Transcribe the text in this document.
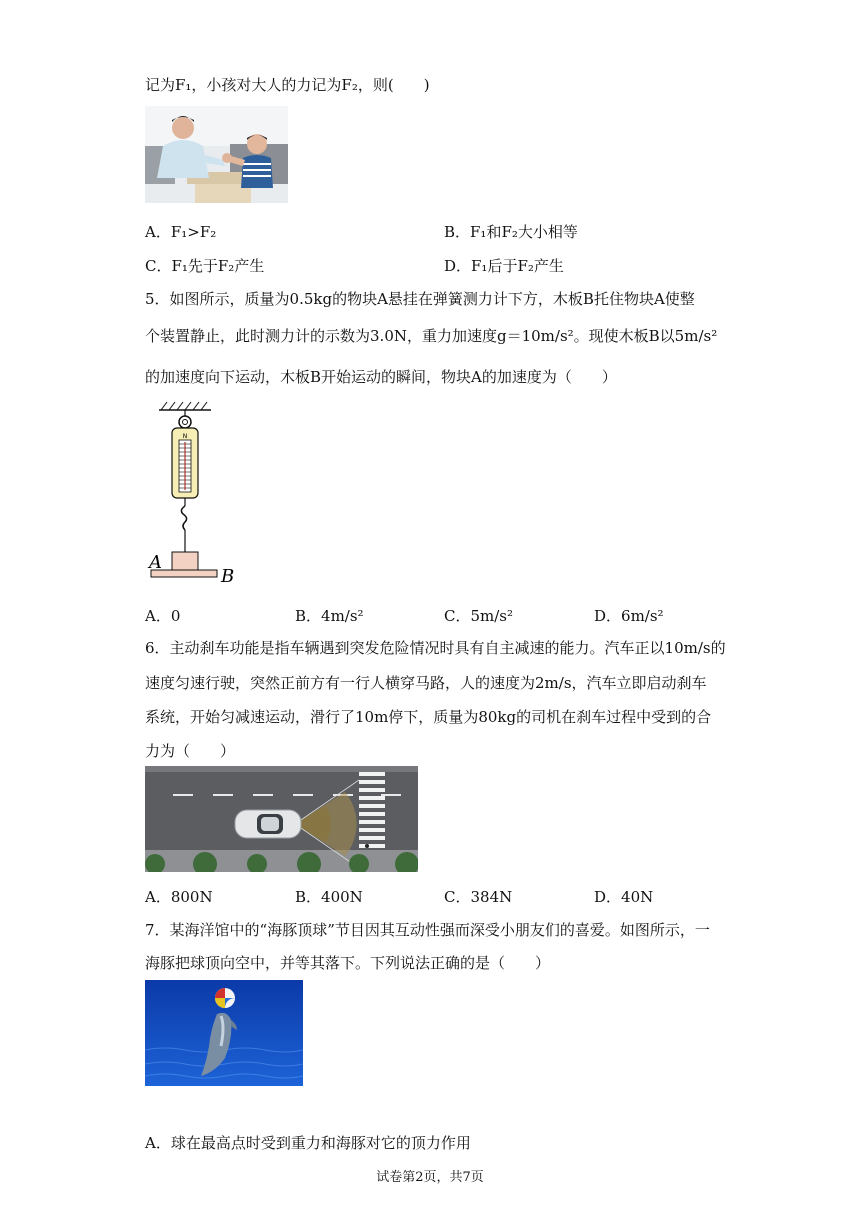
记为F₁，小孩对大人的力记为F₂，则(　　)
A．F₁>F₂	B．F₁和F₂大小相等
C．F₁先于F₂产生	D．F₁后于F₂产生
5．如图所示，质量为0.5kg的物块A悬挂在弹簧测力计下方，木板B托住物块A使整
个装置静止，此时测力计的示数为3.0N，重力加速度g＝10m/s²。现使木板B以5m/s²
的加速度向下运动，木板B开始运动的瞬间，物块A的加速度为（　　）
N
A
B
A．0	B．4m/s²	C．5m/s²	D．6m/s²
6．主动刹车功能是指车辆遇到突发危险情况时具有自主减速的能力。汽车正以10m/s的
速度匀速行驶，突然正前方有一行人横穿马路，人的速度为2m/s，汽车立即启动刹车
系统，开始匀减速运动，滑行了10m停下，质量为80kg的司机在刹车过程中受到的合
力为（　　）
A．800N	B．400N	C．384N	D．40N
7．某海洋馆中的“海豚顶球”节目因其互动性强而深受小朋友们的喜爱。如图所示，一
海豚把球顶向空中，并等其落下。下列说法正确的是（　　）
A．球在最高点时受到重力和海豚对它的顶力作用
试卷第2页，共7页
